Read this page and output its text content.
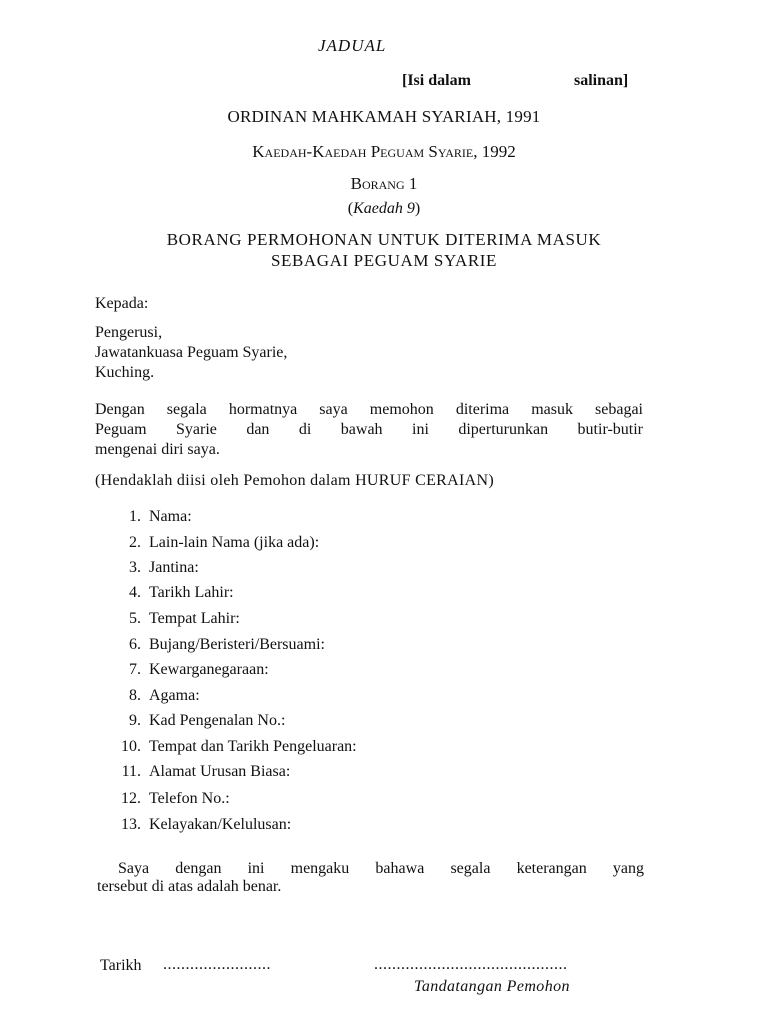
JADUAL
[Isi dalam	salinan]
ORDINAN MAHKAMAH SYARIAH, 1991
Kaedah-Kaedah Peguam Syarie, 1992
Borang 1
(Kaedah 9)
BORANG PERMOHONAN UNTUK DITERIMA MASUK
SEBAGAI PEGUAM SYARIE
Kepada:
Pengerusi,
Jawatankuasa Peguam Syarie,
Kuching.
Dengan segala hormatnya saya memohon diterima masuk sebagai
Peguam Syarie dan di bawah ini diperturunkan butir-butir
mengenai diri saya.
(Hendaklah diisi oleh Pemohon dalam HURUF CERAIAN)
1. Nama:
2. Lain-lain Nama (jika ada):
3. Jantina:
4. Tarikh Lahir:
5. Tempat Lahir:
6. Bujang/Beristeri/Bersuami:
7. Kewarganegaraan:
8. Agama:
9. Kad Pengenalan No.:
10. Tempat dan Tarikh Pengeluaran:
11. Alamat Urusan Biasa:
12. Telefon No.:
13. Kelayakan/Kelulusan:
Saya dengan ini mengaku bahawa segala keterangan yang
tersebut di atas adalah benar.
Tarikh ........................	...........................................
Tandatangan Pemohon
